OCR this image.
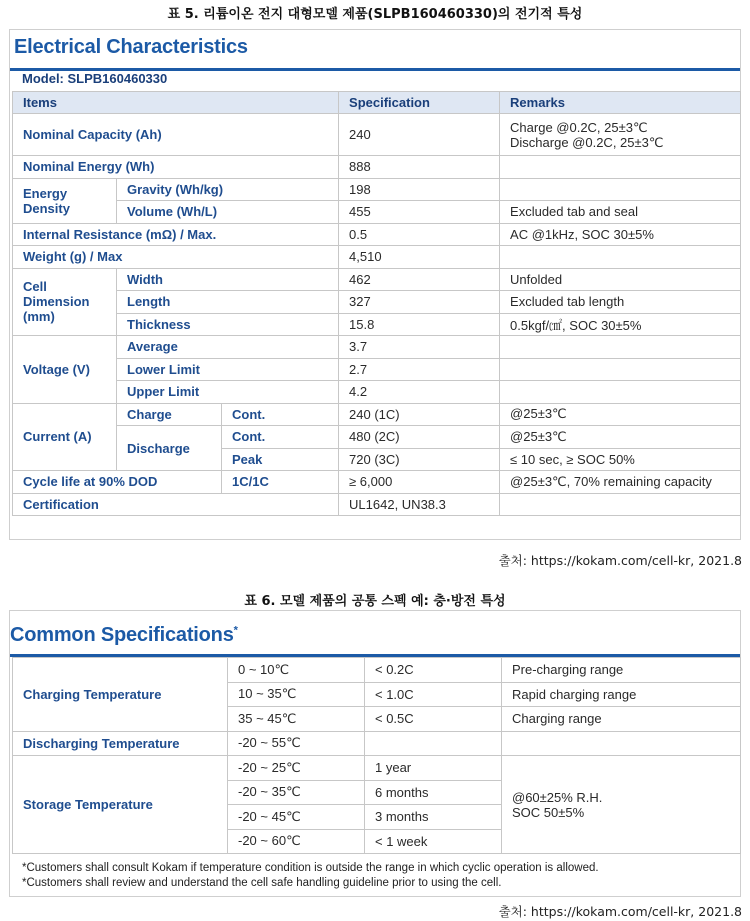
표 5. 리튬이온 전지 대형모델 제품(SLPB160460330)의 전기적 특성
Electrical Characteristics
Model: SLPB160460330
Items			Specification	Remarks
Nominal Capacity (Ah)			240	Charge @0.2C, 25±3℃
Discharge @0.2C, 25±3℃

Nominal Energy (Wh)			888	
Energy Density	Gravity (Wh/kg)		198	
	Volume (Wh/L)		455	Excluded tab and seal
Internal Resistance (mΩ) / Max.			0.5	AC @1kHz, SOC 30±5%
Weight (g) / Max			4,510	
Cell Dimension (mm)	Width		462	Unfolded
	Length		327	Excluded tab length
	Thickness		15.8	0.5kgf/㎠, SOC 30±5%
Voltage (V)	Average		3.7	
	Lower Limit		2.7	
	Upper Limit		4.2	
Current (A)	Charge	Cont.	240 (1C)	@25±3℃
	Discharge	Cont.	480 (2C)	@25±3℃
		Peak	720 (3C)	≤ 10 sec, ≥ SOC 50%
Cycle life at 90% DOD		1C/1C	≥ 6,000	@25±3℃, 70% remaining capacity
Certification			UL1642, UN38.3	
출처: https://kokam.com/cell-kr, 2021.8
표 6. 모델 제품의 공통 스펙 예: 충·방전 특성
Common Specifications*
Charging Temperature	0 ~ 10℃	< 0.2C	Pre-charging range
	10 ~ 35℃	< 1.0C	Rapid charging range
	35 ~ 45℃	< 0.5C	Charging range
Discharging Temperature	-20 ~ 55℃		
Storage Temperature	-20 ~ 25℃	1 year	@60±25% R.H.
SOC 50±5%

	-20 ~ 35℃	6 months	
	-20 ~ 45℃	3 months	
	-20 ~ 60℃	< 1 week	
*Customers shall consult Kokam if temperature condition is outside the range in which cyclic operation is allowed.
*Customers shall review and understand the cell safe handling guideline prior to using the cell.
출처: https://kokam.com/cell-kr, 2021.8
